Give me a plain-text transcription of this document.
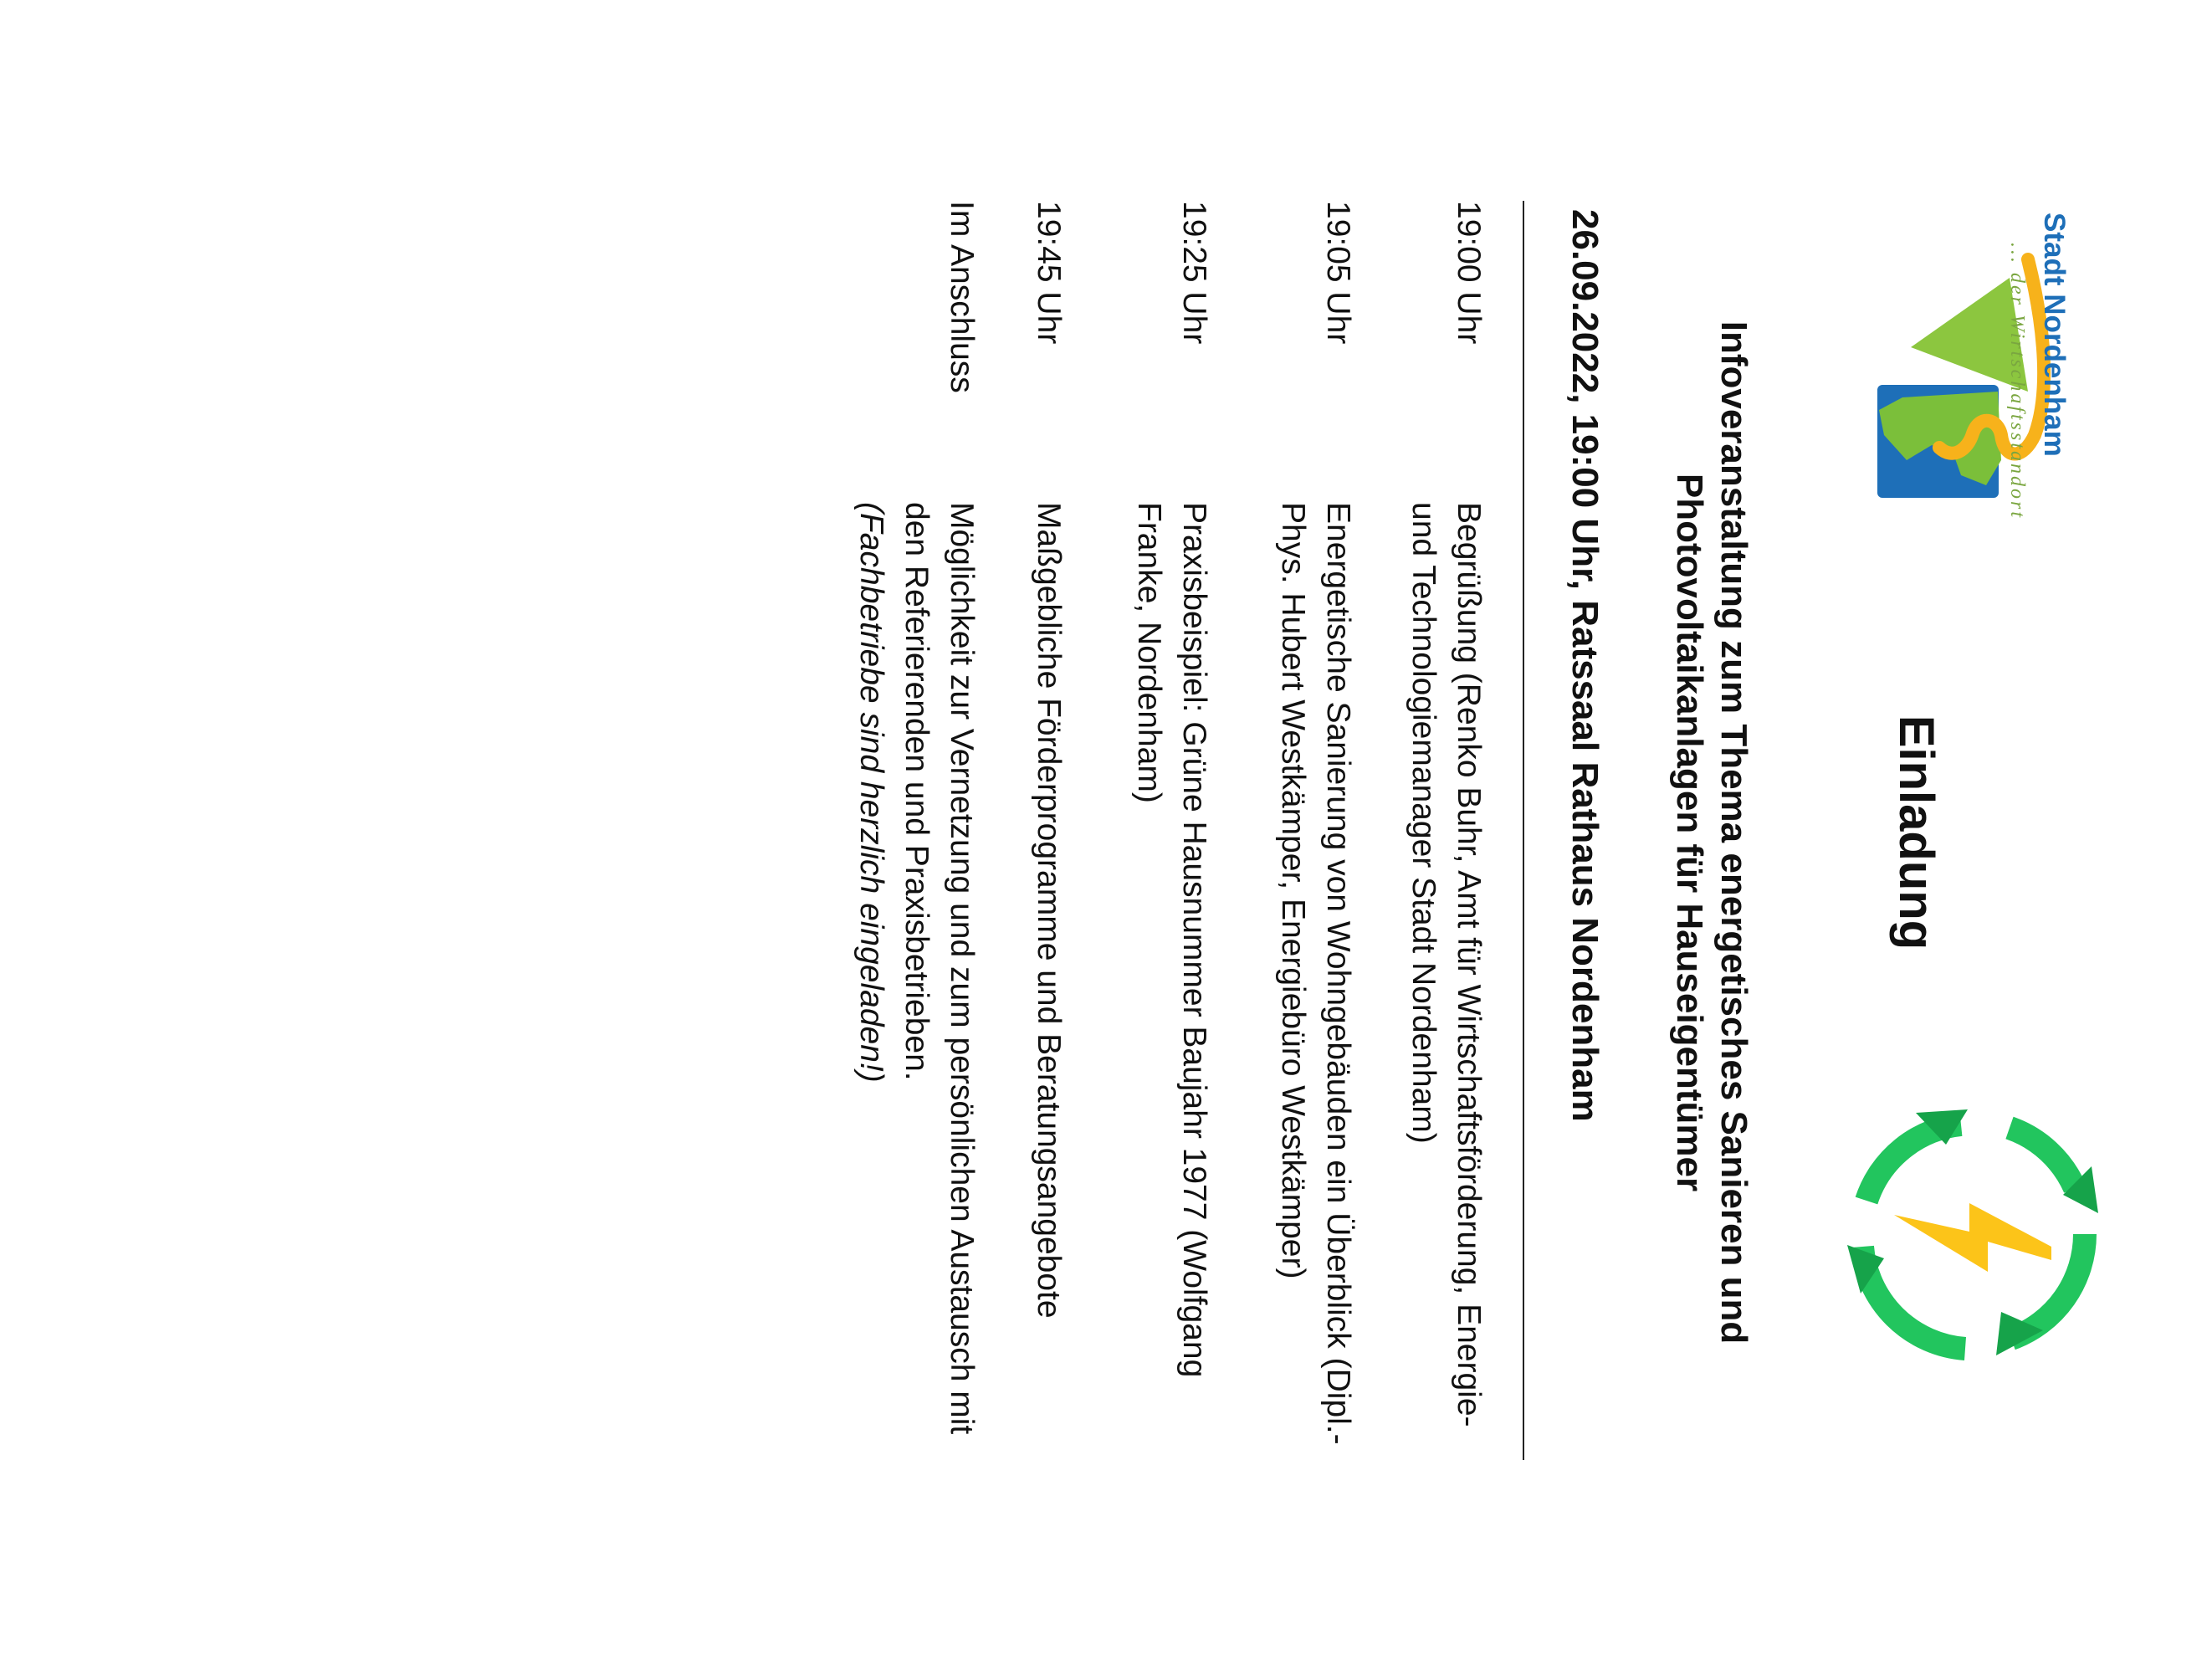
Stadt Nordenham
... der Wirtschaftsstandort
Einladung
Infoveranstaltung zum Thema energetisches Sanieren und Photovoltaikanlagen für Hauseigentümer

26.09.2022, 19:00 Uhr, Ratssaal Rathaus Nordenham

19:00 Uhr
Begrüßung (Renko Buhr, Amt für Wirtschaftsförderung, Energie- und Technologiemanager Stadt Nordenham)
19:05 Uhr
Energetische Sanierung von Wohngebäuden ein Überblick (Dipl.-Phys. Hubert Westkämper, Energiebüro Westkämper)
19:25 Uhr
Praxisbeispiel: Grüne Hausnummer Baujahr 1977 (Wolfgang Franke, Nordenham)
19:45 Uhr
Maßgebliche Förderprogramme und Beratungsangebote
Im Anschluss
Möglichkeit zur Vernetzung und zum persönlichen Austausch mit den Referierenden und Praxisbetrieben.
(Fachbetriebe sind herzlich eingeladen!)
